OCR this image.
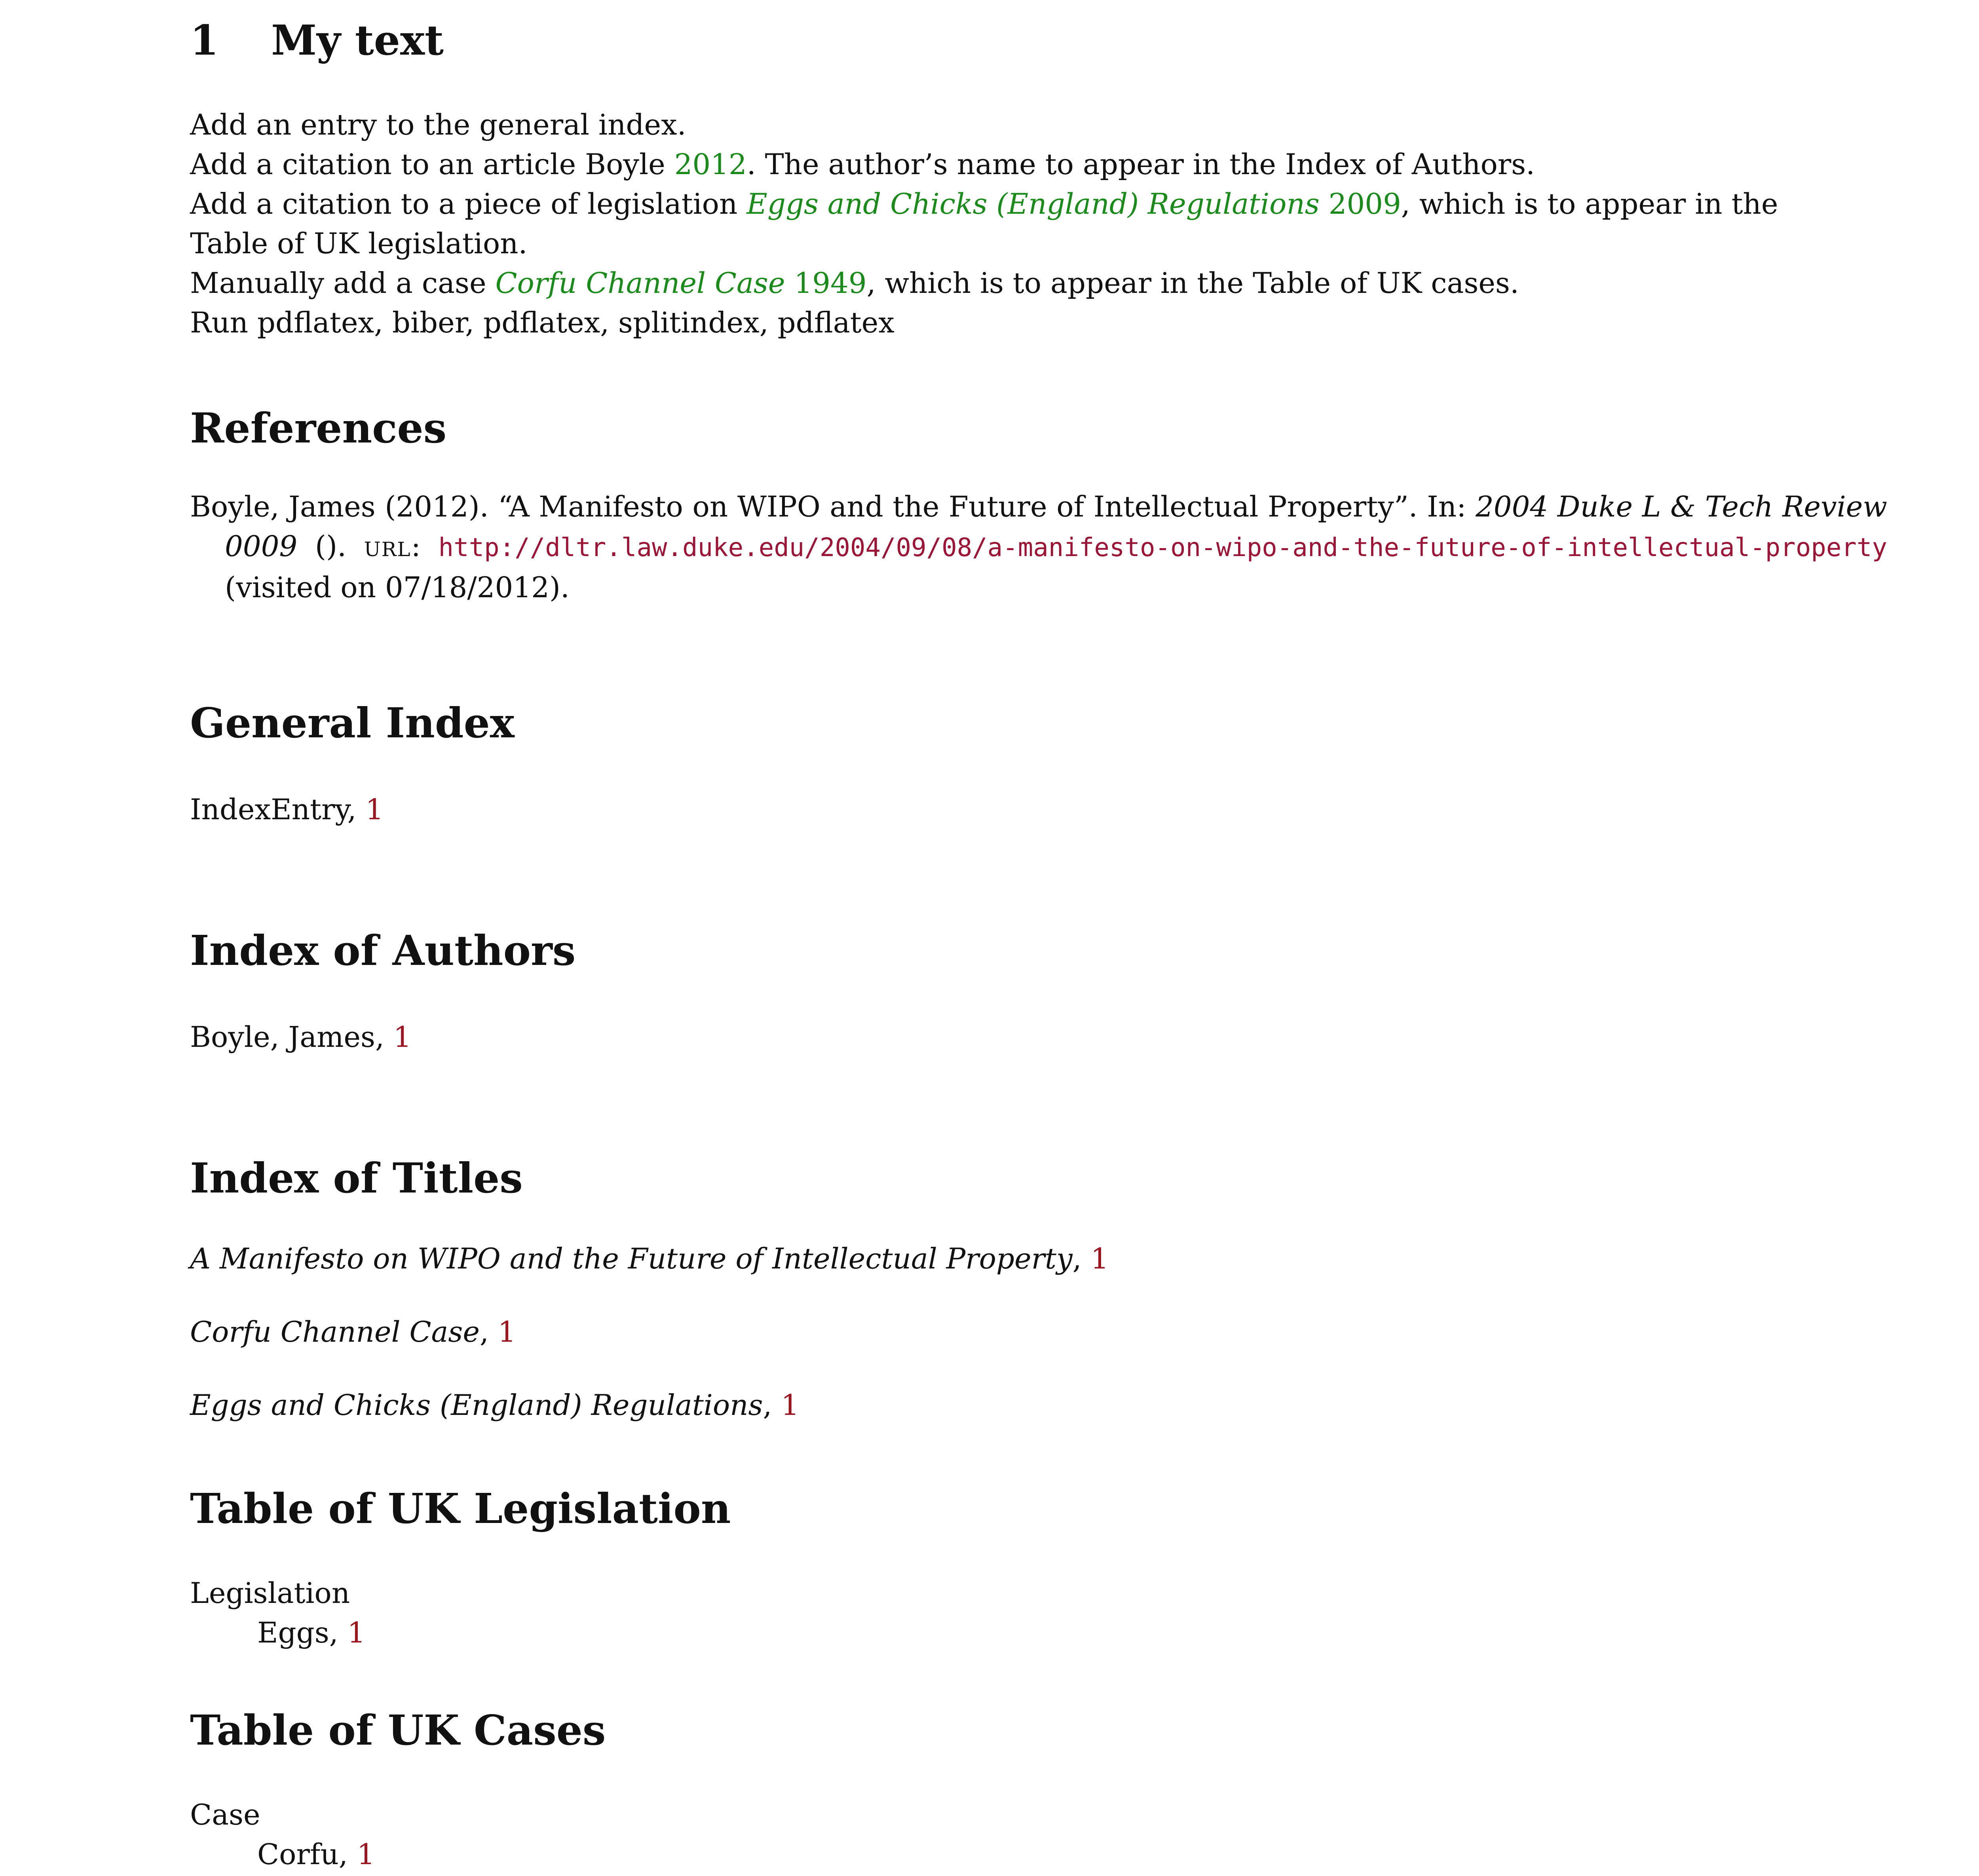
1 My text

Add an entry to the general index.

Add a citation to an article Boyle 2012. The author’s name to appear in the Index of Authors.

Add a citation to a piece of legislation Eggs and Chicks (England) Regulations 2009, which is to appear in the Table of UK legislation.

Manually add a case Corfu Channel Case 1949, which is to appear in the Table of UK cases.

Run pdflatex, biber, pdflatex, splitindex, pdflatex

References
Boyle, James (2012). “A Manifesto on WIPO and the Future of Intellectual Property”. In: 2004 Duke L & Tech Review 0009 (). url: http://dltr.law.duke.edu/2004/09/08/a-manifesto-on-wipo-and-the-future-of-intellectual-property (visited on 07/18/2012).
General Index
IndexEntry, 1
Index of Authors
Boyle, James, 1
Index of Titles
A Manifesto on WIPO and the Future of Intellectual Property, 1
Corfu Channel Case, 1
Eggs and Chicks (England) Regulations, 1
Table of UK Legislation
Legislation
Eggs, 1
Table of UK Cases
Case
Corfu, 1
